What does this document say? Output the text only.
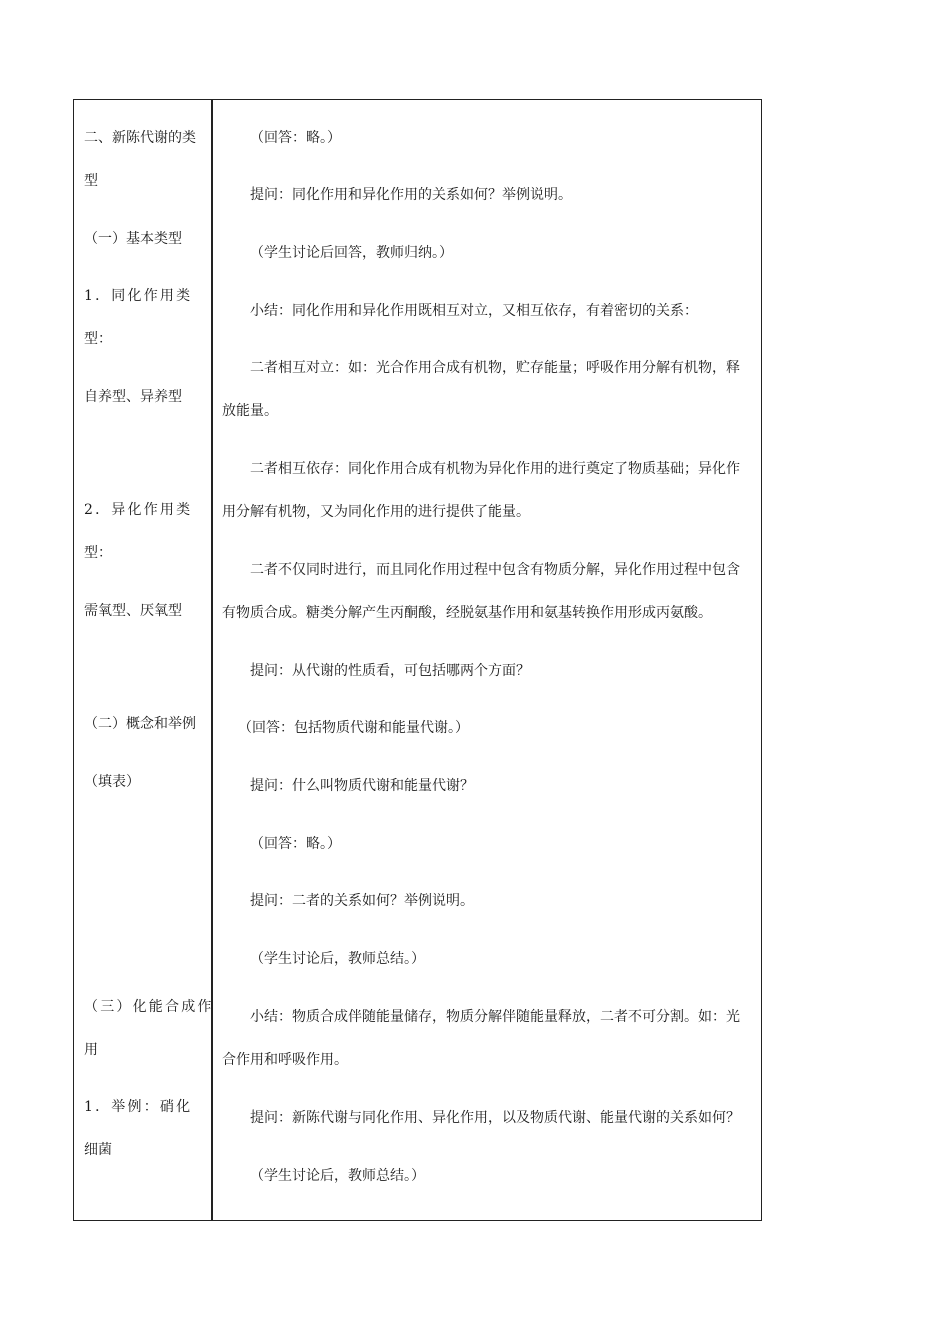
二、新陈代谢的类
型
（一）基本类型
1．同化作用类
型：
自养型、异养型
2．异化作用类
型：
需氧型、厌氧型
（二）概念和举例
（填表）
（三）化能合成作
用
1．举例：硝化
细菌
（回答：略。）
提问：同化作用和异化作用的关系如何？举例说明。
（学生讨论后回答，教师归纳。）
小结：同化作用和异化作用既相互对立，又相互依存，有着密切的关系：
二者相互对立：如：光合作用合成有机物，贮存能量；呼吸作用分解有机物，释
放能量。
二者相互依存：同化作用合成有机物为异化作用的进行奠定了物质基础；异化作
用分解有机物，又为同化作用的进行提供了能量。
二者不仅同时进行，而且同化作用过程中包含有物质分解，异化作用过程中包含
有物质合成。糖类分解产生丙酮酸，经脱氨基作用和氨基转换作用形成丙氨酸。
提问：从代谢的性质看，可包括哪两个方面？
（回答：包括物质代谢和能量代谢。）
提问：什么叫物质代谢和能量代谢？
（回答：略。）
提问：二者的关系如何？举例说明。
（学生讨论后，教师总结。）
小结：物质合成伴随能量储存，物质分解伴随能量释放，二者不可分割。如：光
合作用和呼吸作用。
提问：新陈代谢与同化作用、异化作用，以及物质代谢、能量代谢的关系如何？
（学生讨论后，教师总结。）
